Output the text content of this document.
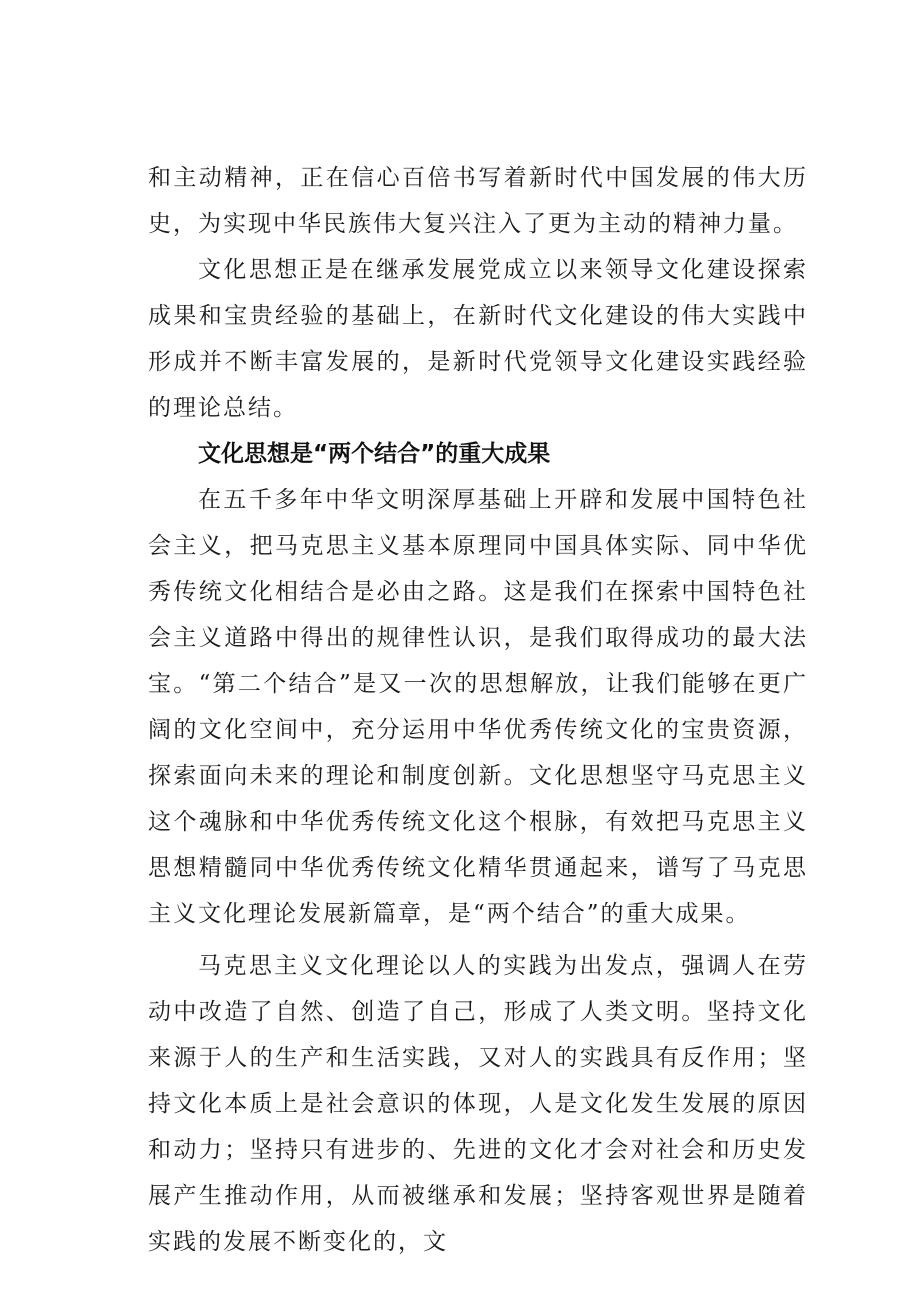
和主动精神，正在信心百倍书写着新时代中国发展的伟大历史，为实现中华民族伟大复兴注入了更为主动的精神力量。

文化思想正是在继承发展党成立以来领导文化建设探索成果和宝贵经验的基础上，在新时代文化建设的伟大实践中形成并不断丰富发展的，是新时代党领导文化建设实践经验的理论总结。

文化思想是“两个结合”的重大成果

在五千多年中华文明深厚基础上开辟和发展中国特色社会主义，把马克思主义基本原理同中国具体实际、同中华优秀传统文化相结合是必由之路。这是我们在探索中国特色社会主义道路中得出的规律性认识，是我们取得成功的最大法宝。“第二个结合”是又一次的思想解放，让我们能够在更广阔的文化空间中，充分运用中华优秀传统文化的宝贵资源，探索面向未来的理论和制度创新。文化思想坚守马克思主义这个魂脉和中华优秀传统文化这个根脉，有效把马克思主义思想精髓同中华优秀传统文化精华贯通起来，谱写了马克思主义文化理论发展新篇章，是“两个结合”的重大成果。

马克思主义文化理论以人的实践为出发点，强调人在劳动中改造了自然、创造了自己，形成了人类文明。坚持文化来源于人的生产和生活实践，又对人的实践具有反作用；坚持文化本质上是社会意识的体现，人是文化发生发展的原因和动力；坚持只有进步的、先进的文化才会对社会和历史发展产生推动作用，从而被继承和发展；坚持客观世界是随着实践的发展不断变化的，文
